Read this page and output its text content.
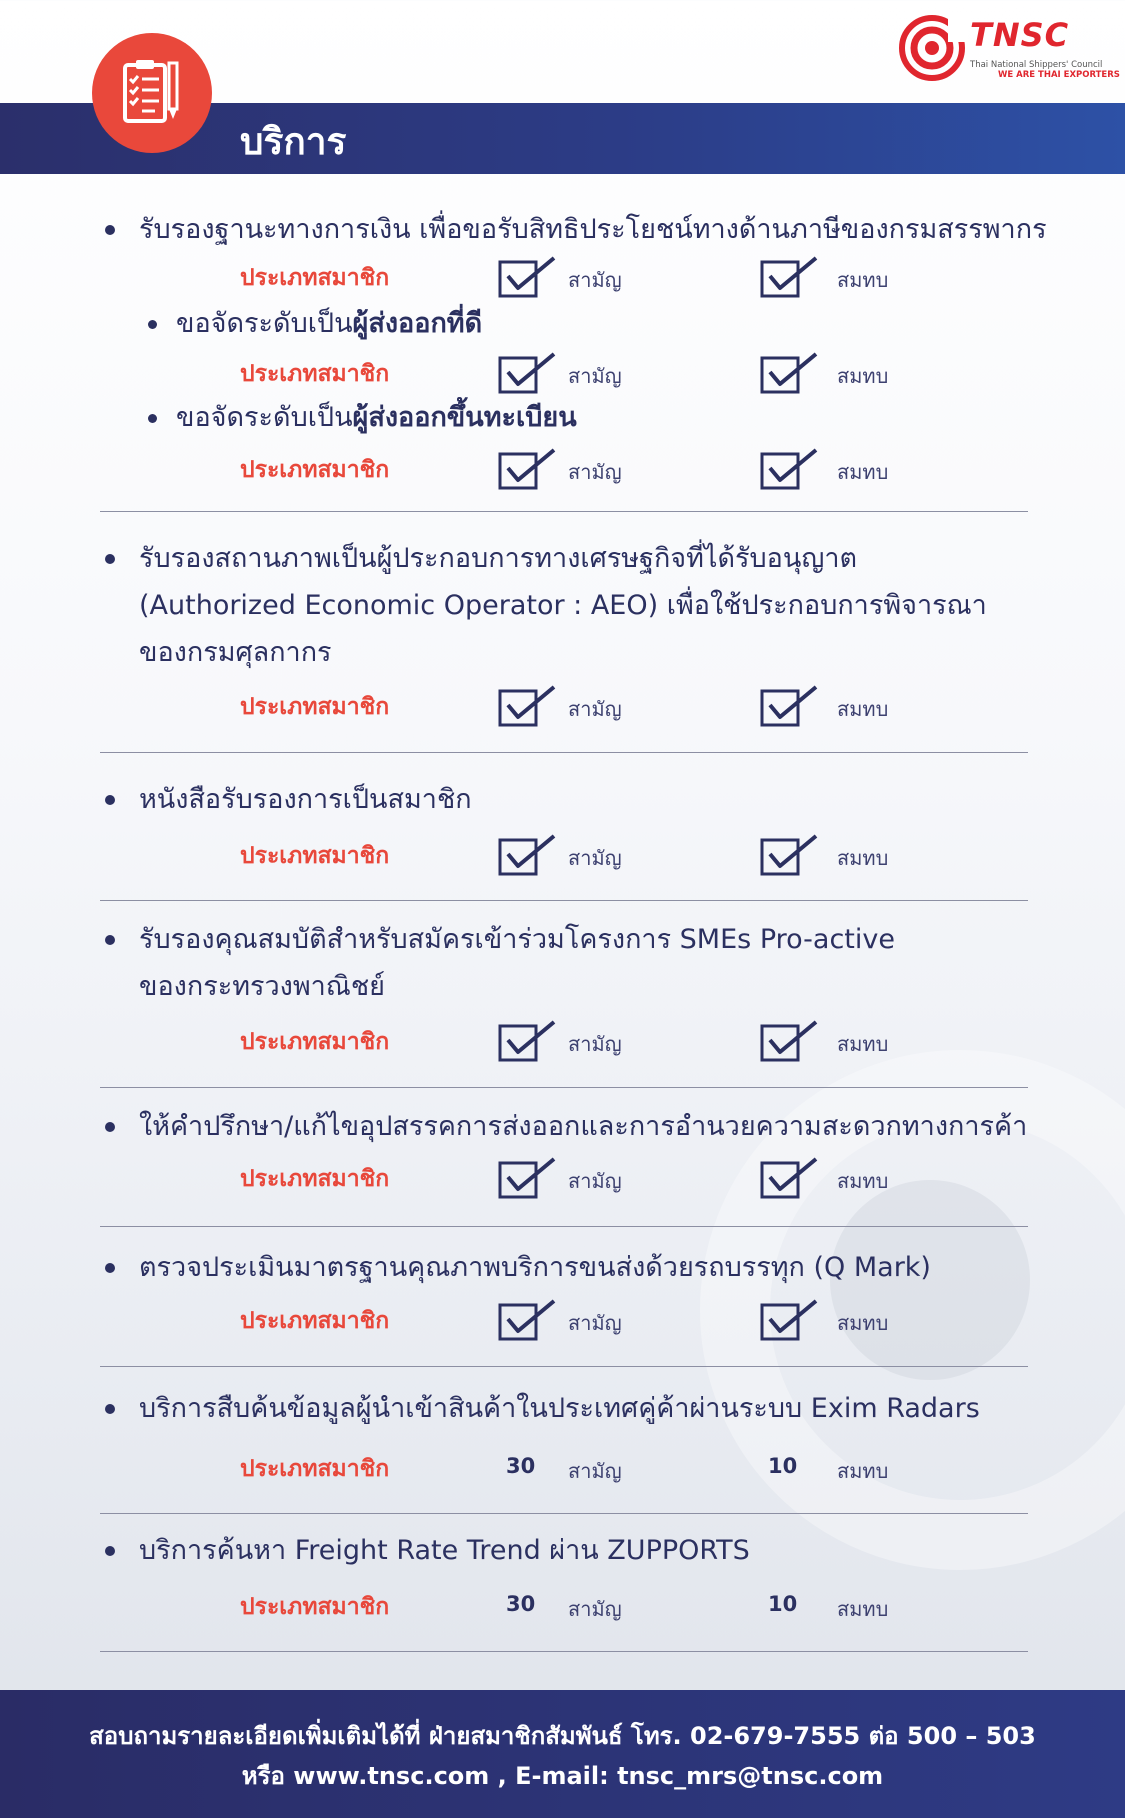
บริการ
TNSC
Thai National Shippers' Council
WE ARE THAI EXPORTERS
รับรองฐานะทางการเงิน เพื่อขอรับสิทธิประโยชน์ทางด้านภาษีของกรมสรรพากร
ประเภทสมาชิก	สามัญ	สมทบ
ขอจัดระดับเป็นผู้ส่งออกที่ดี
ประเภทสมาชิก	สามัญ	สมทบ
ขอจัดระดับเป็นผู้ส่งออกขึ้นทะเบียน
ประเภทสมาชิก	สามัญ	สมทบ
รับรองสถานภาพเป็นผู้ประกอบการทางเศรษฐกิจที่ได้รับอนุญาต
(Authorized Economic Operator : AEO) เพื่อใช้ประกอบการพิจารณา
ของกรมศุลกากร
ประเภทสมาชิก	สามัญ	สมทบ
หนังสือรับรองการเป็นสมาชิก
ประเภทสมาชิก	สามัญ	สมทบ
รับรองคุณสมบัติสำหรับสมัครเข้าร่วมโครงการ SMEs Pro-active
ของกระทรวงพาณิชย์
ประเภทสมาชิก	สามัญ	สมทบ
ให้คำปรึกษา/แก้ไขอุปสรรคการส่งออกและการอำนวยความสะดวกทางการค้า
ประเภทสมาชิก	สามัญ	สมทบ
ตรวจประเมินมาตรฐานคุณภาพบริการขนส่งด้วยรถบรรทุก (Q Mark)
ประเภทสมาชิก	สามัญ	สมทบ
บริการสืบค้นข้อมูลผู้นำเข้าสินค้าในประเทศคู่ค้าผ่านระบบ Exim Radars
ประเภทสมาชิก	30 สามัญ	10 สมทบ
บริการค้นหา Freight Rate Trend ผ่าน ZUPPORTS
ประเภทสมาชิก	30 สามัญ	10 สมทบ
สอบถามรายละเอียดเพิ่มเติมได้ที่ ฝ่ายสมาชิกสัมพันธ์ โทร. 02-679-7555 ต่อ 500 – 503
หรือ www.tnsc.com , E-mail: tnsc_mrs@tnsc.com
